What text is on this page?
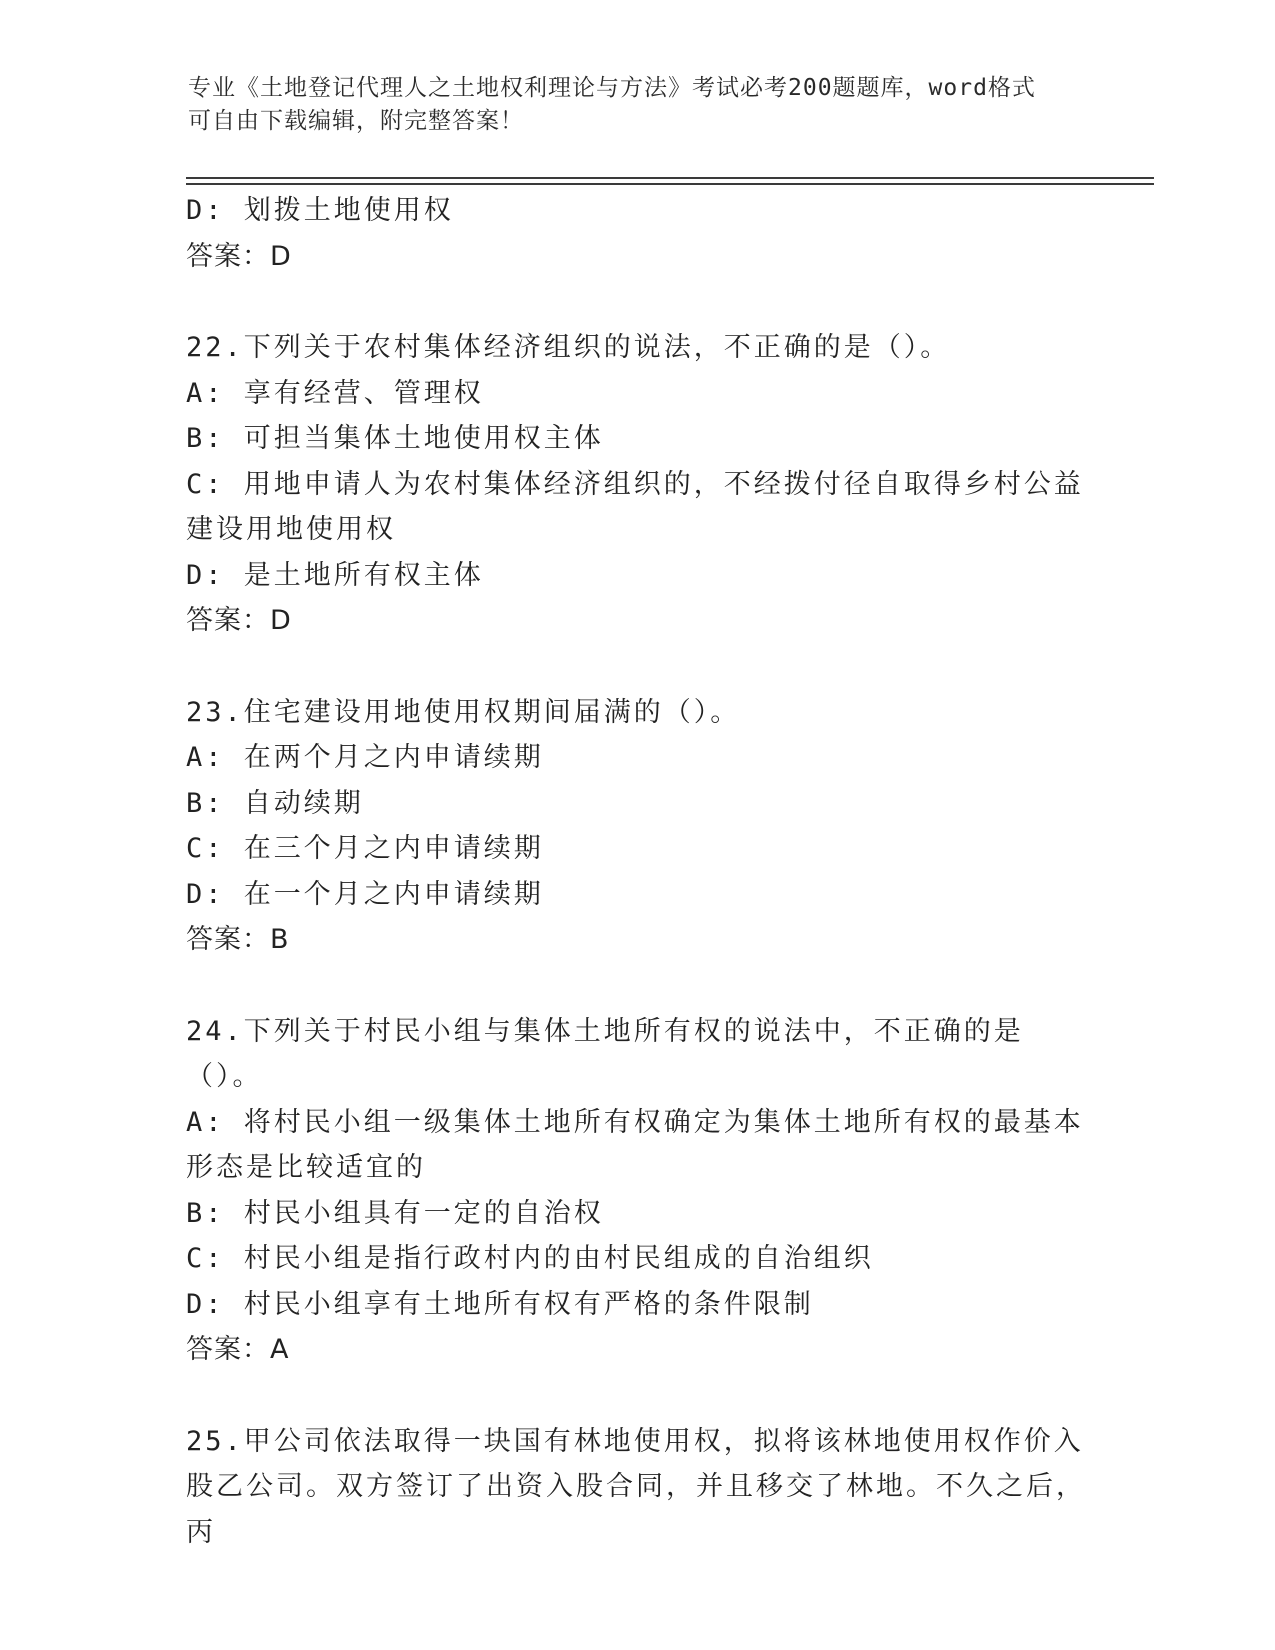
专业《土地登记代理人之土地权利理论与方法》考试必考200题题库，word格式
可自由下载编辑，附完整答案！
D: 划拨土地使用权
答案：D
22.下列关于农村集体经济组织的说法，不正确的是（）。
A: 享有经营、管理权
B: 可担当集体土地使用权主体
C: 用地申请人为农村集体经济组织的，不经拨付径自取得乡村公益建设用地使用权
D: 是土地所有权主体
答案：D
23.住宅建设用地使用权期间届满的（）。
A: 在两个月之内申请续期
B: 自动续期
C: 在三个月之内申请续期
D: 在一个月之内申请续期
答案：B
24.下列关于村民小组与集体土地所有权的说法中，不正确的是（）。
A: 将村民小组一级集体土地所有权确定为集体土地所有权的最基本形态是比较适宜的
B: 村民小组具有一定的自治权
C: 村民小组是指行政村内的由村民组成的自治组织
D: 村民小组享有土地所有权有严格的条件限制
答案：A
25.甲公司依法取得一块国有林地使用权，拟将该林地使用权作价入股乙公司。双方签订了出资入股合同，并且移交了林地。不久之后，丙
